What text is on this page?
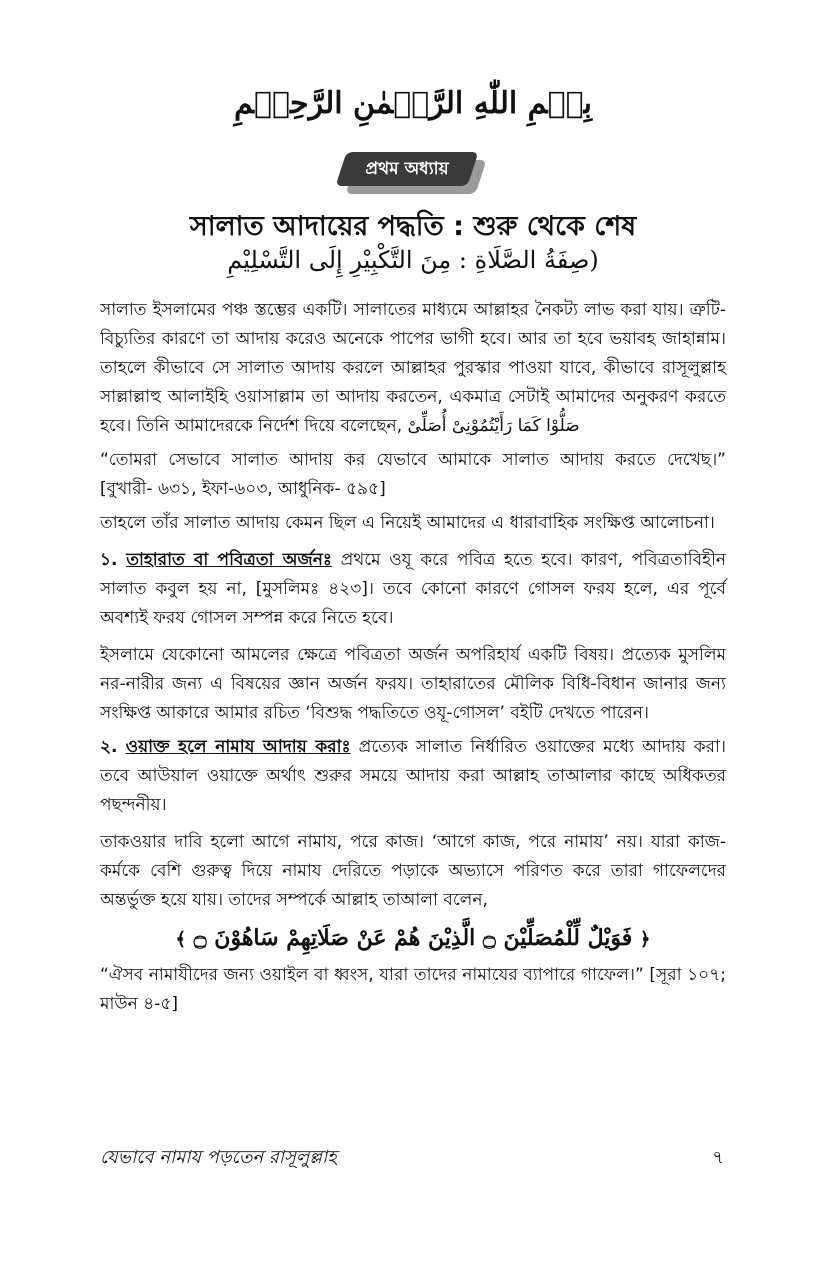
بِسۡمِ اللّٰهِ الرَّحۡمٰنِ الرَّحِيۡمِ
প্রথম অধ্যায়
সালাত আদায়ের পদ্ধতি : শুরু থেকে শেষ
(صِفَةُ الصَّلَاةِ : مِنَ التَّكْبِيْرِ إِلَى التَّسْلِيْمِ

সালাত ইসলামের পঞ্চ স্তম্ভের একটি। সালাতের মাধ্যমে আল্লাহর নৈকট্য লাভ করা যায়। ত্রুটি-বিচ্যুতির কারণে তা আদায় করেও অনেকে পাপের ভাগী হবে। আর তা হবে ভয়াবহ জাহান্নাম। তাহলে কীভাবে সে সালাত আদায় করলে আল্লাহর পুরস্কার পাওয়া যাবে, কীভাবে রাসূলুল্লাহ সাল্লাল্লাহু আলাইহি ওয়াসাল্লাম তা আদায় করতেন, একমাত্র সেটাই আমাদের অনুকরণ করতে হবে। তিনি আমাদেরকে নির্দেশ দিয়ে বলেছেন, صَلُّوْا كَمَا رَأَيْتُمُوْنِىْ أُصَلِّىْ

“তোমরা সেভাবে সালাত আদায় কর যেভাবে আমাকে সালাত আদায় করতে দেখেছ।” [বুখারী- ৬৩১, ইফা-৬০৩, আধুনিক- ৫৯৫]

তাহলে তাঁর সালাত আদায় কেমন ছিল এ নিয়েই আমাদের এ ধারাবাহিক সংক্ষিপ্ত আলোচনা।

১. তাহারাত বা পবিত্রতা অর্জন প্রথমে ওযূ করে পবিত্র হতে হবে। কারণ, পবিত্রতাবিহীন সালাত কবুল হয় না, [মুসলিমঃ ৪২৩]। তবে কোনো কারণে গোসল ফরয হলে, এর পূর্বে অবশ্যই ফরয গোসল সম্পন্ন করে নিতে হবে।

ইসলামে যেকোনো আমলের ক্ষেত্রে পবিত্রতা অর্জন অপরিহার্য একটি বিষয়। প্রত্যেক মুসলিম নর-নারীর জন্য এ বিষয়ের জ্ঞান অর্জন ফরয। তাহারাতের মৌলিক বিধি-বিধান জানার জন্য সংক্ষিপ্ত আকারে আমার রচিত ‘বিশুদ্ধ পদ্ধতিতে ওযূ-গোসল’ বইটি দেখতে পারেন।

২. ওয়াক্ত হলে নামায আদায় করা প্রত্যেক সালাত নির্ধারিত ওয়াক্তের মধ্যে আদায় করা। তবে আউয়াল ওয়াক্তে অর্থাৎ শুরুর সময়ে আদায় করা আল্লাহ তাআলার কাছে অধিকতর পছন্দনীয়।

তাকওয়ার দাবি হলো আগে নামায, পরে কাজ। ‘আগে কাজ, পরে নামায’ নয়। যারা কাজ-কর্মকে বেশি গুরুত্ব দিয়ে নামায দেরিতে পড়াকে অভ্যাসে পরিণত করে তারা গাফেলদের অন্তর্ভুক্ত হয়ে যায়। তাদের সম্পর্কে আল্লাহ তাআলা বলেন,

﴿ فَوَيْلٌ لِّلْمُصَلِّيْنَ ۝ الَّذِيْنَ هُمْ عَنْ صَلَاتِهِمْ سَاهُوْنَ ۝ ﴾

“ঐসব নামাযীদের জন্য ওয়াইল বা ধ্বংস, যারা তাদের নামাযের ব্যাপারে গাফেল।” [সূরা ১০৭; মাউন ৪-৫]

যেভাবে নামায পড়তেন রাসূলুল্লাহ	৭
